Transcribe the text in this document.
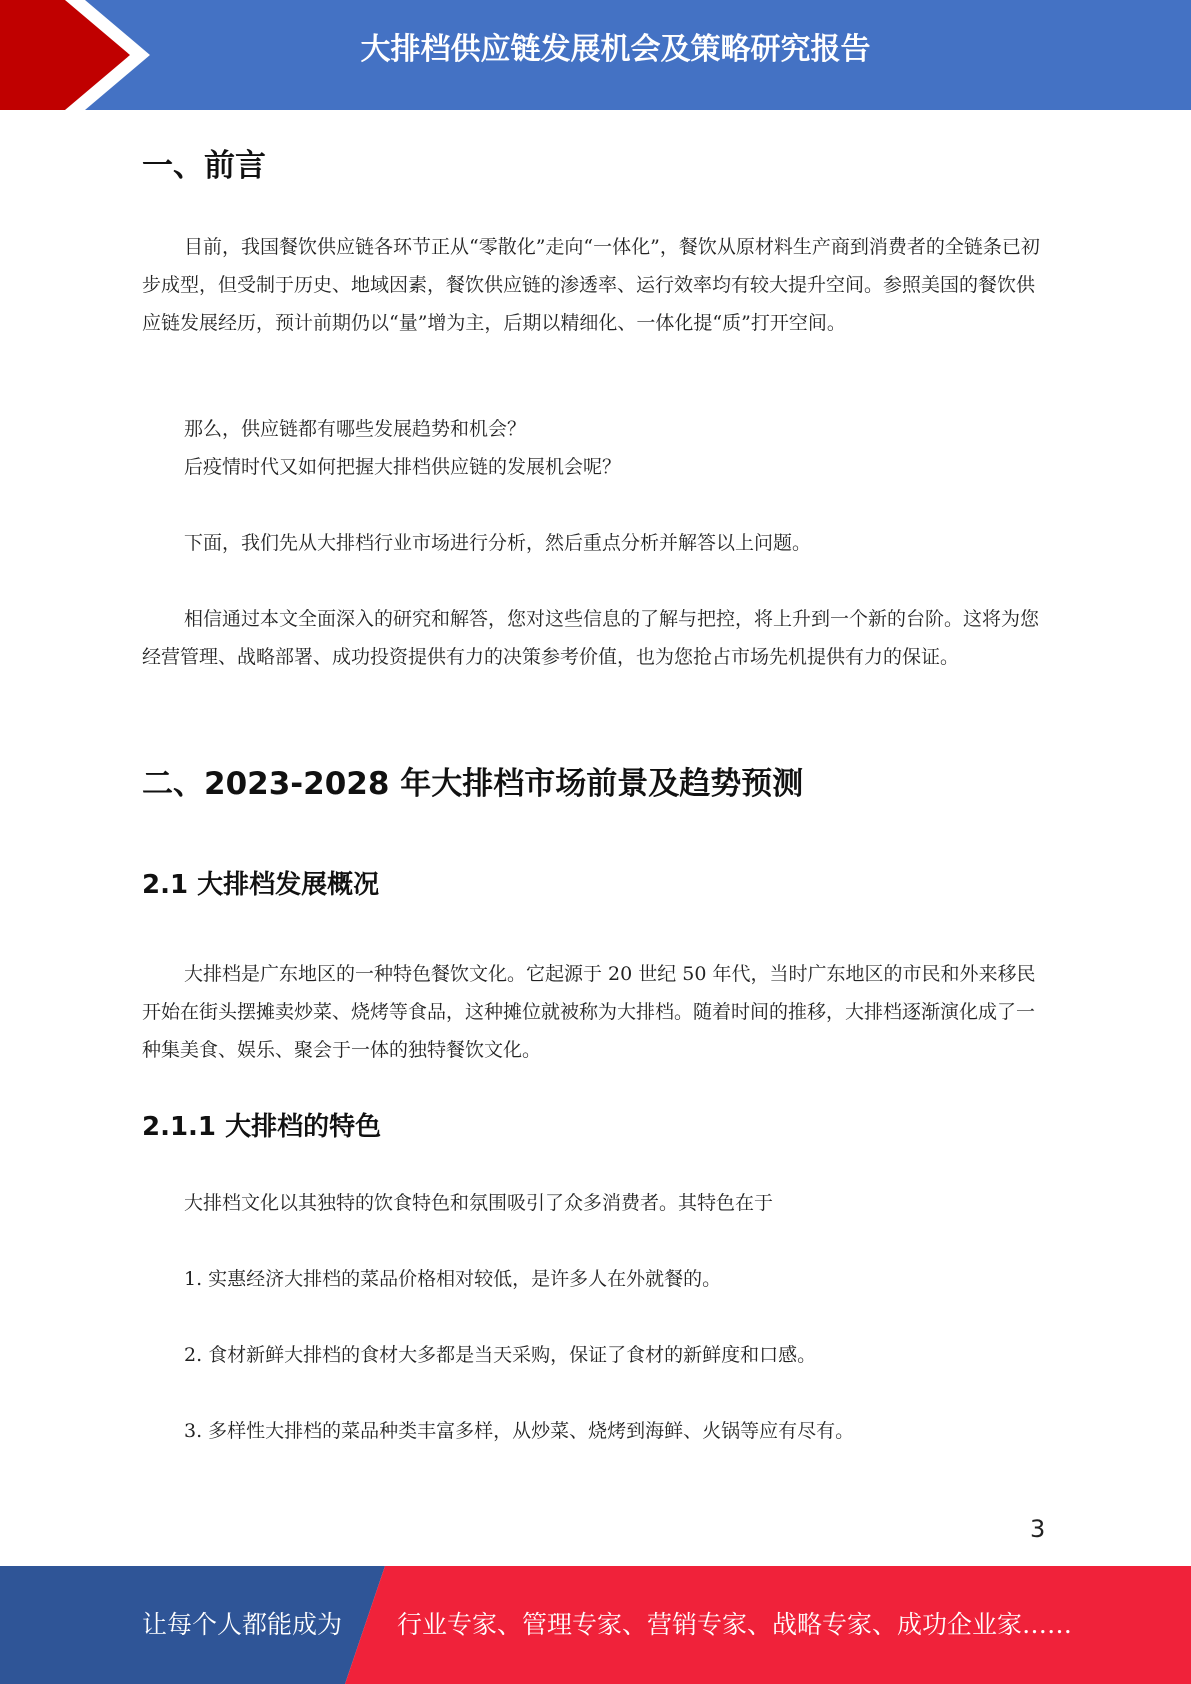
大排档供应链发展机会及策略研究报告
一、前言

目前，我国餐饮供应链各环节正从“零散化”走向“一体化”，餐饮从原材料生产商到消费者的全链条已初步成型，但受制于历史、地域因素，餐饮供应链的渗透率、运行效率均有较大提升空间。参照美国的餐饮供应链发展经历，预计前期仍以“量”增为主，后期以精细化、一体化提“质”打开空间。

那么，供应链都有哪些发展趋势和机会？

后疫情时代又如何把握大排档供应链的发展机会呢？

下面，我们先从大排档行业市场进行分析，然后重点分析并解答以上问题。

相信通过本文全面深入的研究和解答，您对这些信息的了解与把控，将上升到一个新的台阶。这将为您经营管理、战略部署、成功投资提供有力的决策参考价值，也为您抢占市场先机提供有力的保证。

二、2023-2028 年大排档市场前景及趋势预测
2.1 大排档发展概况

大排档是广东地区的一种特色餐饮文化。它起源于 20 世纪 50 年代，当时广东地区的市民和外来移民开始在街头摆摊卖炒菜、烧烤等食品，这种摊位就被称为大排档。随着时间的推移，大排档逐渐演化成了一种集美食、娱乐、聚会于一体的独特餐饮文化。

2.1.1 大排档的特色

大排档文化以其独特的饮食特色和氛围吸引了众多消费者。其特色在于

1. 实惠经济大排档的菜品价格相对较低，是许多人在外就餐的。

2. 食材新鲜大排档的食材大多都是当天采购，保证了食材的新鲜度和口感。

3. 多样性大排档的菜品种类丰富多样，从炒菜、烧烤到海鲜、火锅等应有尽有。

3
让每个人都能成为 行业专家、管理专家、营销专家、战略专家、成功企业家……
